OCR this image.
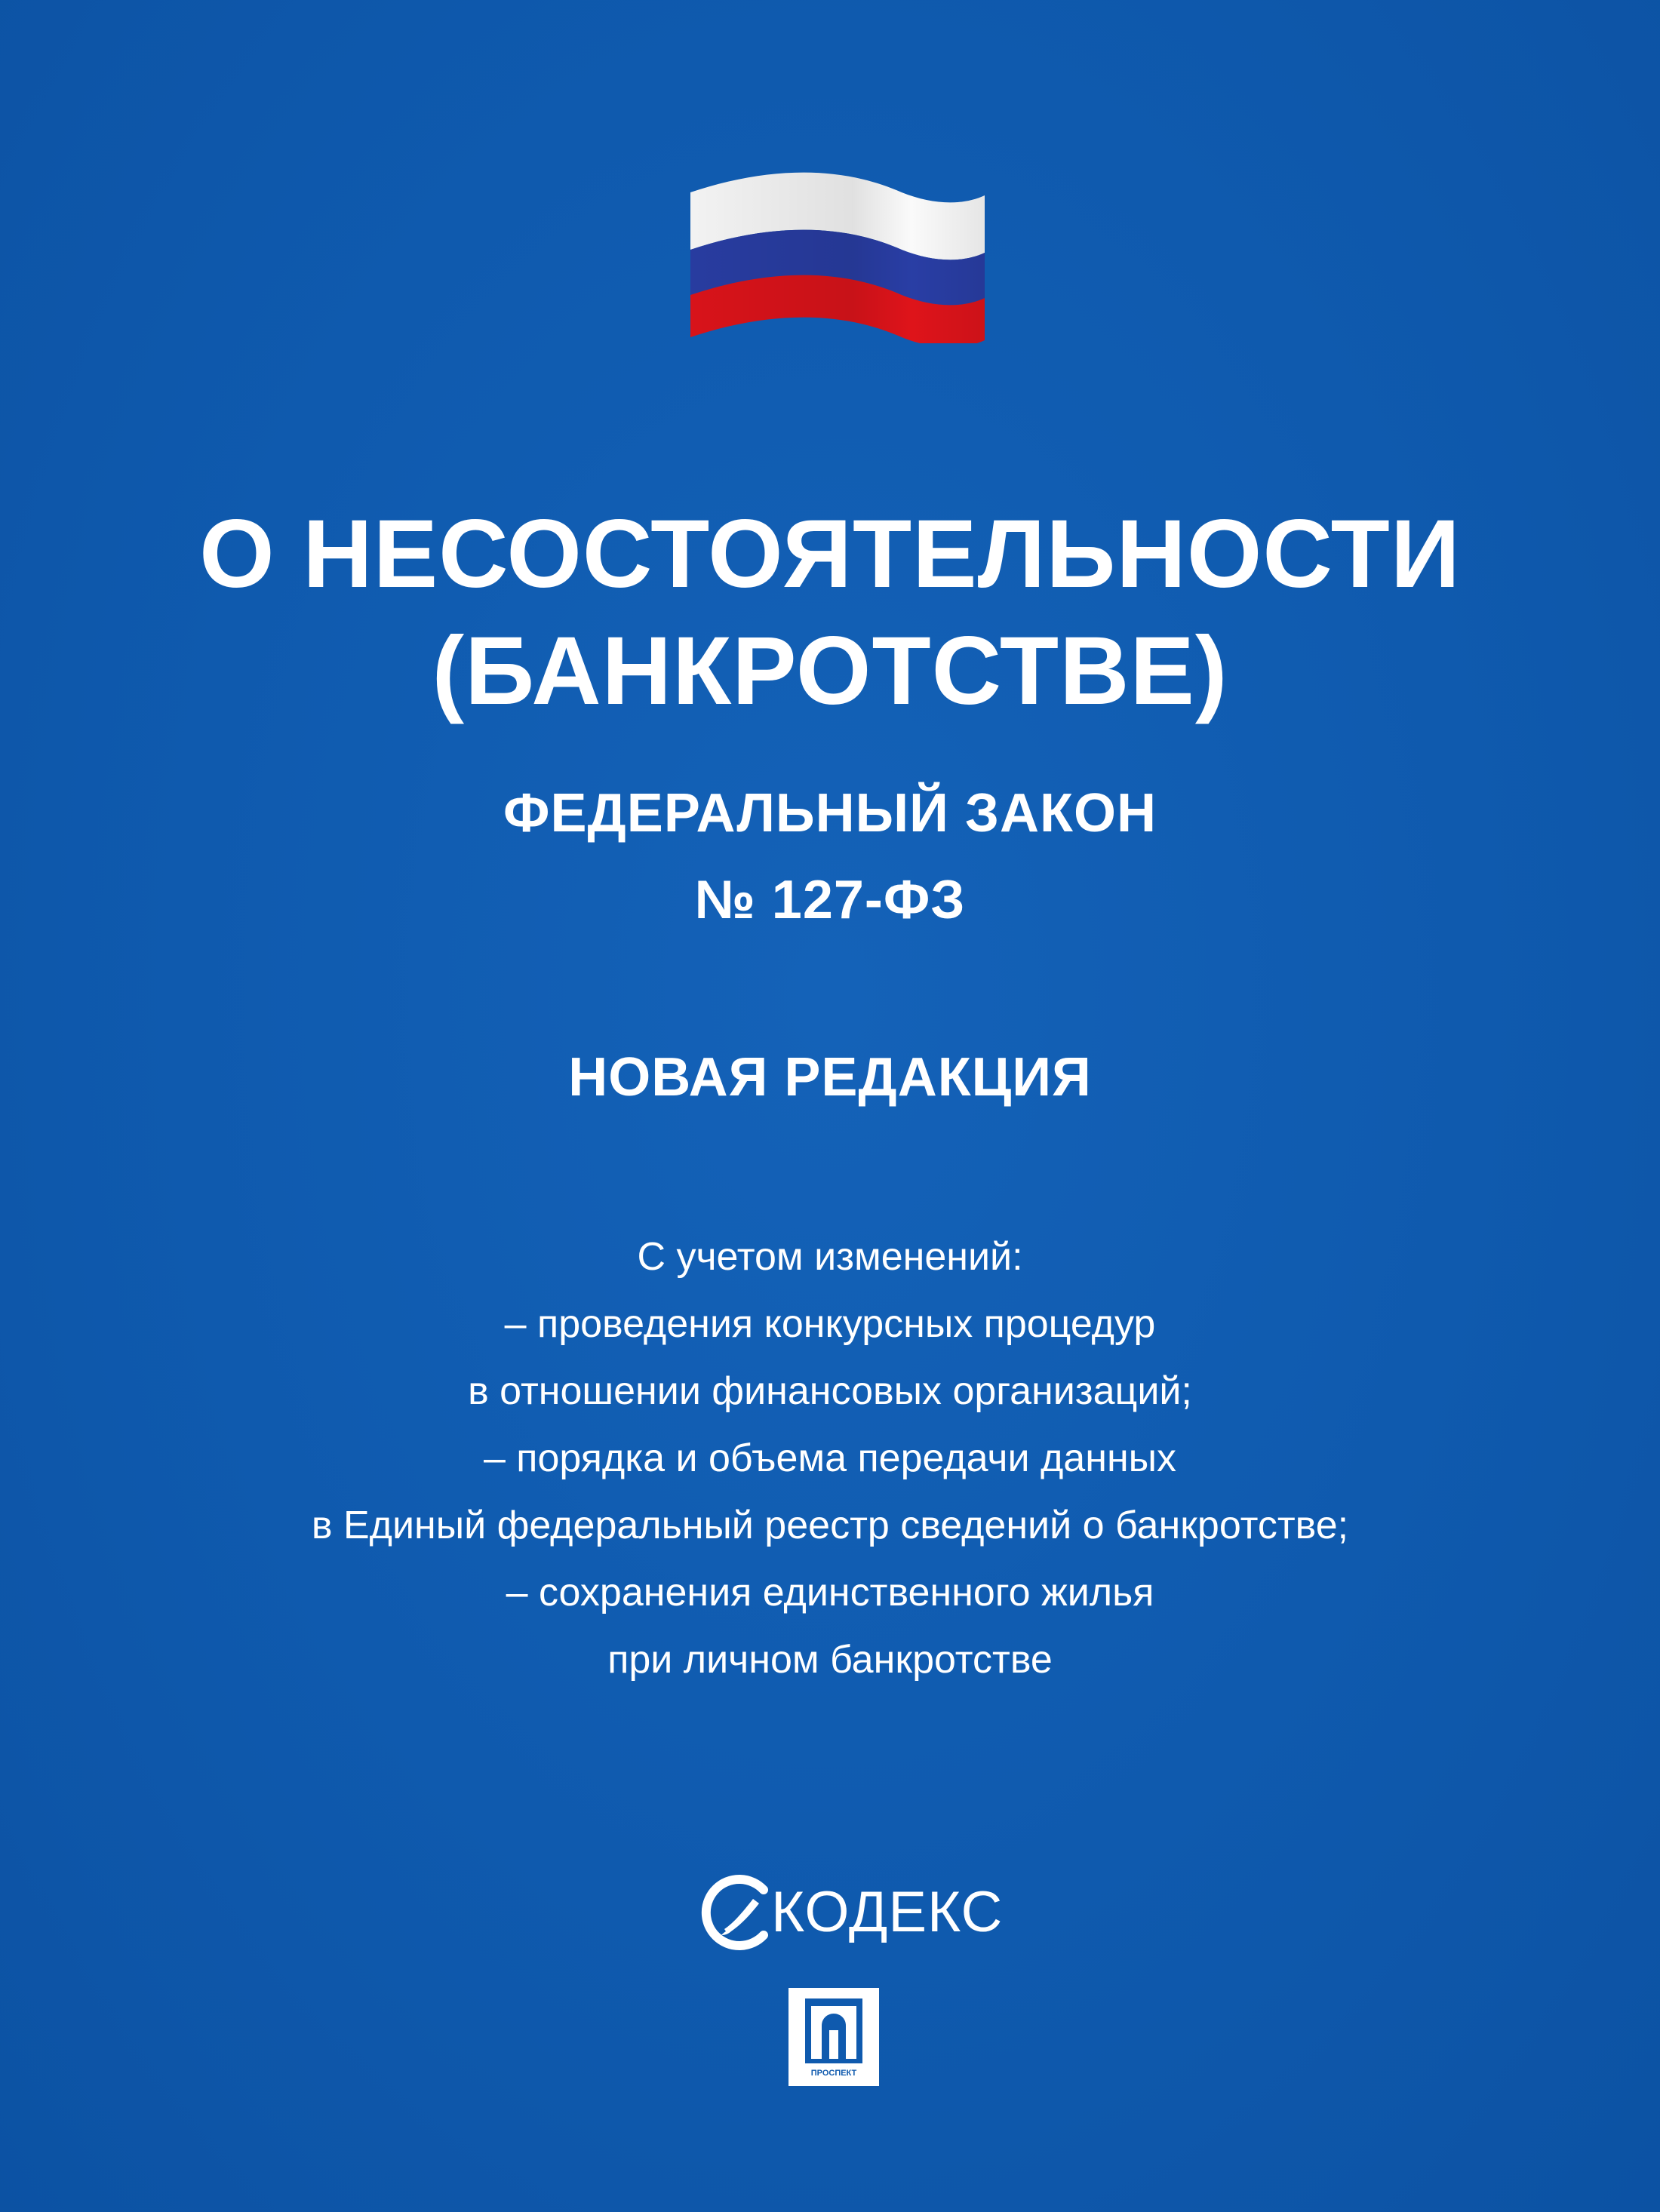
О НЕСОСТОЯТЕЛЬНОСТИ
(БАНКРОТСТВЕ)
ФЕДЕРАЛЬНЫЙ ЗАКОН
№ 127-ФЗ
НОВАЯ РЕДАКЦИЯ
С учетом изменений:
– проведения конкурсных процедур
в отношении финансовых организаций;
– порядка и объема передачи данных
в Единый федеральный реестр сведений о банкротстве;
– сохранения единственного жилья
при личном банкротстве
КОДЕКС
ПРОСПЕКТ
